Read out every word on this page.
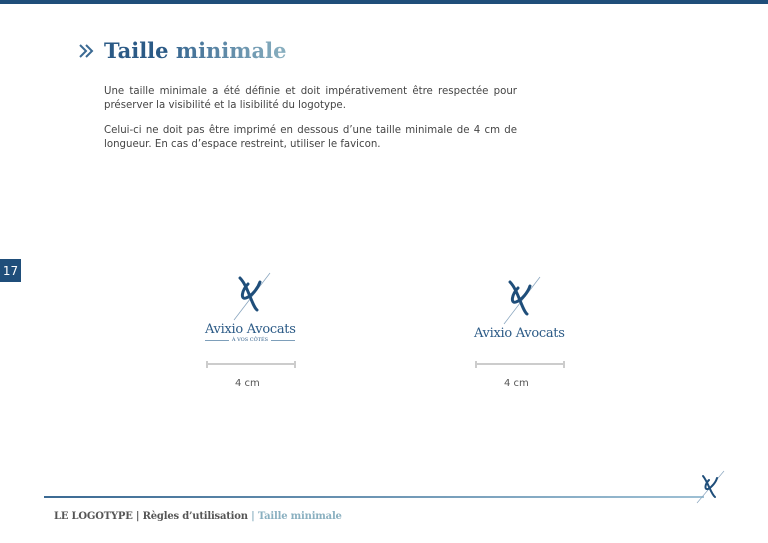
Taille minimale

Une taille minimale a été définie et doit impérativement être respectée pour préserver la visibilité et la lisibilité du logotype.

Celui-ci ne doit pas être imprimé en dessous d’une taille minimale de 4 cm de longueur. En cas d’espace restreint, utiliser le favicon.

17
Avixio Avocats
À VOS CÔTÉS
4 cm
Avixio Avocats
4 cm
LE LOGOTYPE | Règles d’utilisation | Taille minimale
